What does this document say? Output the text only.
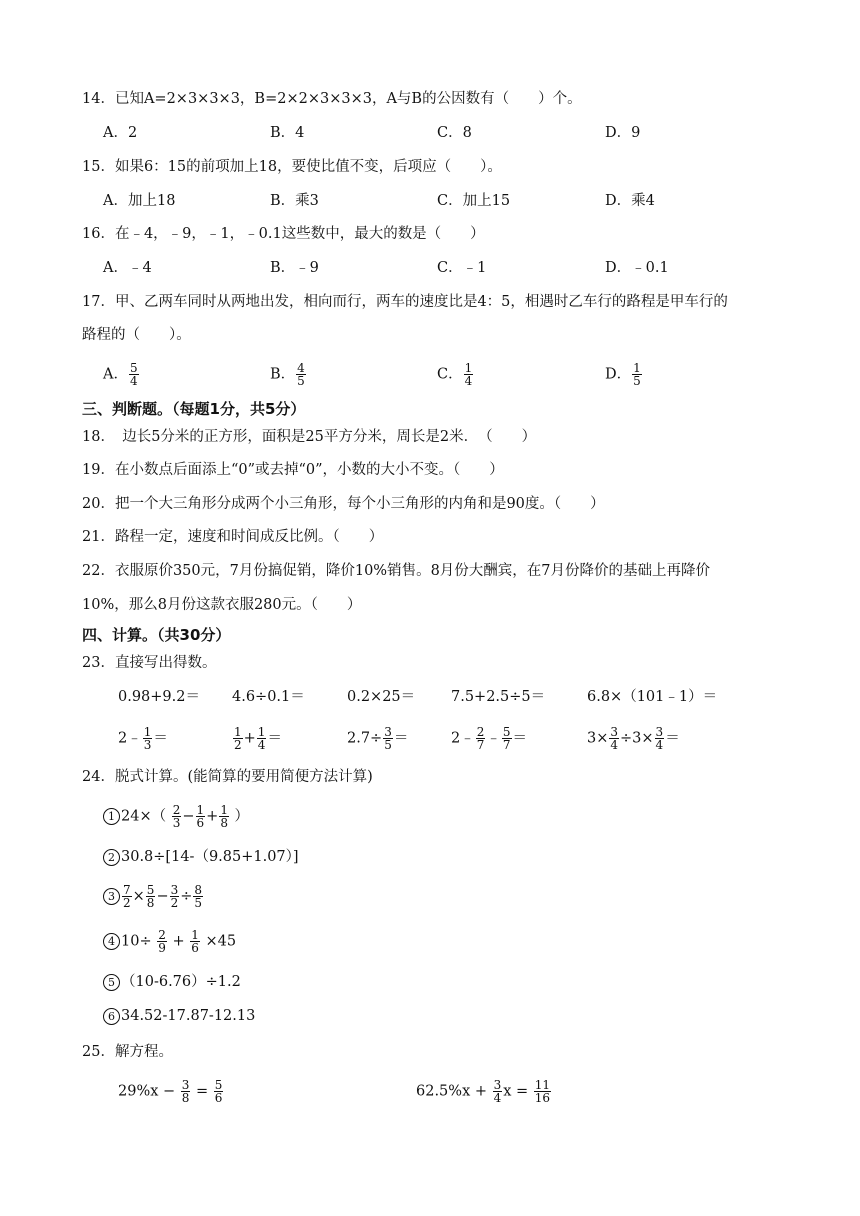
14．已知A=2×3×3×3，B=2×2×3×3×3，A与B的公因数有（　　）个。
A．2	B．4	C．8	D．9
15．如果6：15的前项加上18，要使比值不变，后项应（　　）。
A．加上18	B．乘3	C．加上15	D．乘4
16．在﹣4，﹣9，﹣1，﹣0.1这些数中，最大的数是（　　）
A．﹣4	B．﹣9	C．﹣1	D．﹣0.1
17．甲、乙两车同时从两地出发，相向而行，两车的速度比是4：5，相遇时乙车行的路程是甲车行的
路程的（　　）。
A． $\frac{5}{4}$	B． $\frac{4}{5}$	C． $\frac{1}{4}$	D． $\frac{1}{5}$
三、判断题。（每题1分，共5分）
18．　边长5分米的正方形，面积是25平方分米，周长是2米．　（　　）
19．在小数点后面添上“0”或去掉“0”，小数的大小不变。（　　）
20．把一个大三角形分成两个小三角形，每个小三角形的内角和是90度。（　　）
21．路程一定，速度和时间成反比例。（　　）
22．衣服原价350元，7月份搞促销，降价10%销售。8月份大酬宾，在7月份降价的基础上再降价
10%，那么8月份这款衣服280元。（　　）
四、计算。（共30分）
23．直接写出得数。
0.98+9.2＝ 4.6÷0.1＝	0.2×25＝ 7.5+2.5÷5＝	6.8×（101﹣1）＝
2﹣ $\frac{1}{3}$ ＝	$\frac{1}{2} + \frac{1}{4}$ ＝	$2.7\div \frac{3}{5}$ ＝	2﹣ $\frac{2}{7}$ ﹣ $\frac{5}{7}$ ＝	$3\times \frac{3}{4} \div 3\times \frac{3}{4}$ ＝
24．脱式计算。(能简算的要用简便方法计算)
1 $24\times( \frac{2}{3} - \frac{1}{6} + \frac{1}{8}$ ）
2 30.8÷[14-（9.85+1.07）]
$3 \frac{7}{2} \times \frac{5}{8} - \frac{3}{2} \div \frac{8}{5}$
4 $10\div \frac{2}{9} + \frac{1}{6} \times 45$
5 （10-6.76）÷1.2
6 34.52-17.87-12.13
25．解方程。
$29\%x - \frac{3}{8} = \frac{5}{6}$	$62.5\%x + \frac{3}{4}$ $x = \frac{11}{16}$
